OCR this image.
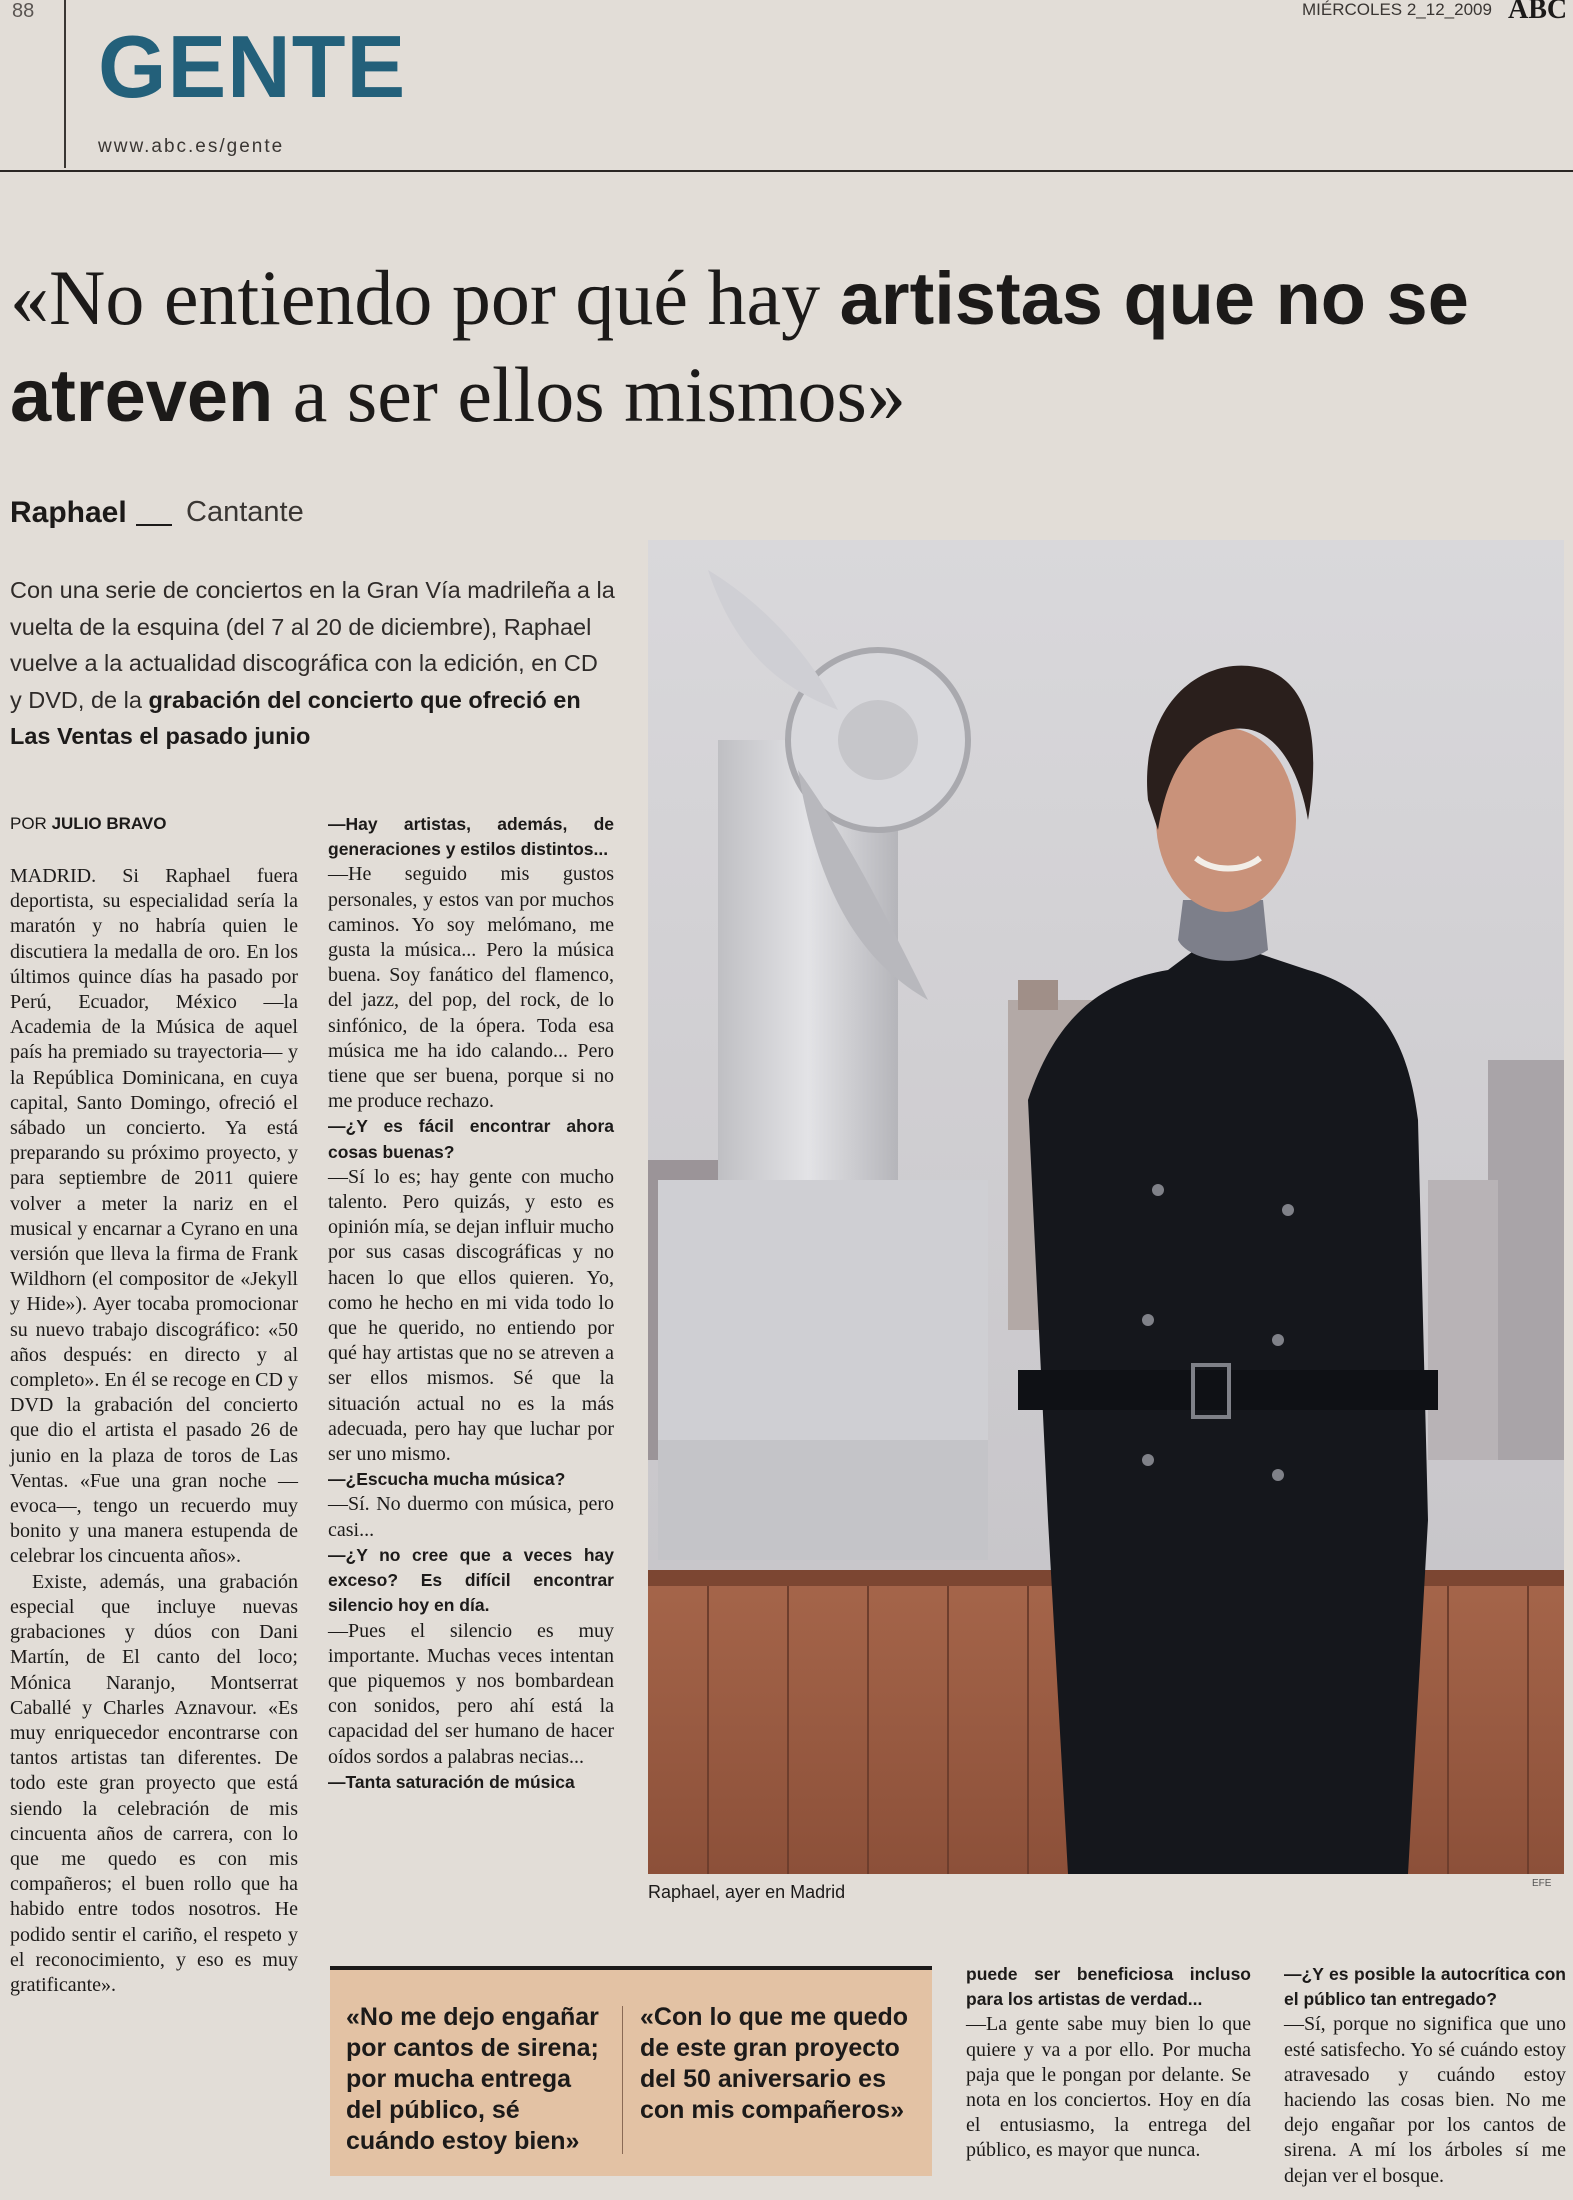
88
GENTE
www.abc.es/gente
MIÉRCOLES 2_12_2009 ABC
«No entiendo por qué hay artistas que no se atreven a ser ellos mismos»
Raphael Cantante
Con una serie de conciertos en la Gran Vía madrileña a la vuelta de la esquina (del 7 al 20 de diciembre), Raphael vuelve a la actualidad discográfica con la edición, en CD y DVD, de la grabación del concierto que ofreció en Las Ventas el pasado junio
POR JULIO BRAVO

MADRID. Si Raphael fuera deportista, su especialidad sería la maratón y no habría quien le discutiera la medalla de oro. En los últimos quince días ha pasado por Perú, Ecuador, México —la Academia de la Música de aquel país ha premiado su trayectoria— y la República Dominicana, en cuya capital, Santo Domingo, ofreció el sábado un concierto. Ya está preparando su próximo proyecto, y para septiembre de 2011 quiere volver a meter la nariz en el musical y encarnar a Cyrano en una versión que lleva la firma de Frank Wildhorn (el compositor de «Jekyll y Hide»). Ayer tocaba promocionar su nuevo trabajo discográfico: «50 años después: en directo y al completo». En él se recoge en CD y DVD la grabación del concierto que dio el artista el pasado 26 de junio en la plaza de toros de Las Ventas. «Fue una gran noche —evoca—, tengo un recuerdo muy bonito y una manera estupenda de celebrar los cincuenta años».

Existe, además, una grabación especial que incluye nuevas grabaciones y dúos con Dani Martín, de El canto del loco; Mónica Naranjo, Montserrat Caballé y Charles Aznavour. «Es muy enriquecedor encontrarse con tantos artistas tan diferentes. De todo este gran proyecto que está siendo la celebración de mis cincuenta años de carrera, con lo que me quedo es con mis compañeros; el buen rollo que ha habido entre todos nosotros. He podido sentir el cariño, el respeto y el reconocimiento, y eso es muy gratificante».

—Hay artistas, además, de generaciones y estilos distintos...

—He seguido mis gustos personales, y estos van por muchos caminos. Yo soy melómano, me gusta la música... Pero la música buena. Soy fanático del flamenco, del jazz, del pop, del rock, de lo sinfónico, de la ópera. Toda esa música me ha ido calando... Pero tiene que ser buena, porque si no me produce rechazo.

—¿Y es fácil encontrar ahora cosas buenas?

—Sí lo es; hay gente con mucho talento. Pero quizás, y esto es opinión mía, se dejan influir mucho por sus casas discográficas y no hacen lo que ellos quieren. Yo, como he hecho en mi vida todo lo que he querido, no entiendo por qué hay artistas que no se atreven a ser ellos mismos. Sé que la situación actual no es la más adecuada, pero hay que luchar por ser uno mismo.

—¿Escucha mucha música?

—Sí. No duermo con música, pero casi...

—¿Y no cree que a veces hay exceso? Es difícil encontrar silencio hoy en día.

—Pues el silencio es muy importante. Muchas veces intentan que piquemos y nos bombardean con sonidos, pero ahí está la capacidad del ser humano de hacer oídos sordos a palabras necias...

—Tanta saturación de música

Raphael, ayer en Madrid	EFE
«No me dejo engañar por cantos de sirena; por mucha entrega del público, sé cuándo estoy bien»
«Con lo que me quedo de este gran proyecto del 50 aniversario es con mis compañeros»

puede ser beneficiosa incluso para los artistas de verdad...

—La gente sabe muy bien lo que quiere y va a por ello. Por mucha paja que le pongan por delante. Se nota en los conciertos. Hoy en día el entusiasmo, la entrega del público, es mayor que nunca.

—¿Y es posible la autocrítica con el público tan entregado?

—Sí, porque no significa que uno esté satisfecho. Yo sé cuándo estoy atravesado y cuándo estoy haciendo las cosas bien. No me dejo engañar por los cantos de sirena. A mí los árboles sí me dejan ver el bosque.
